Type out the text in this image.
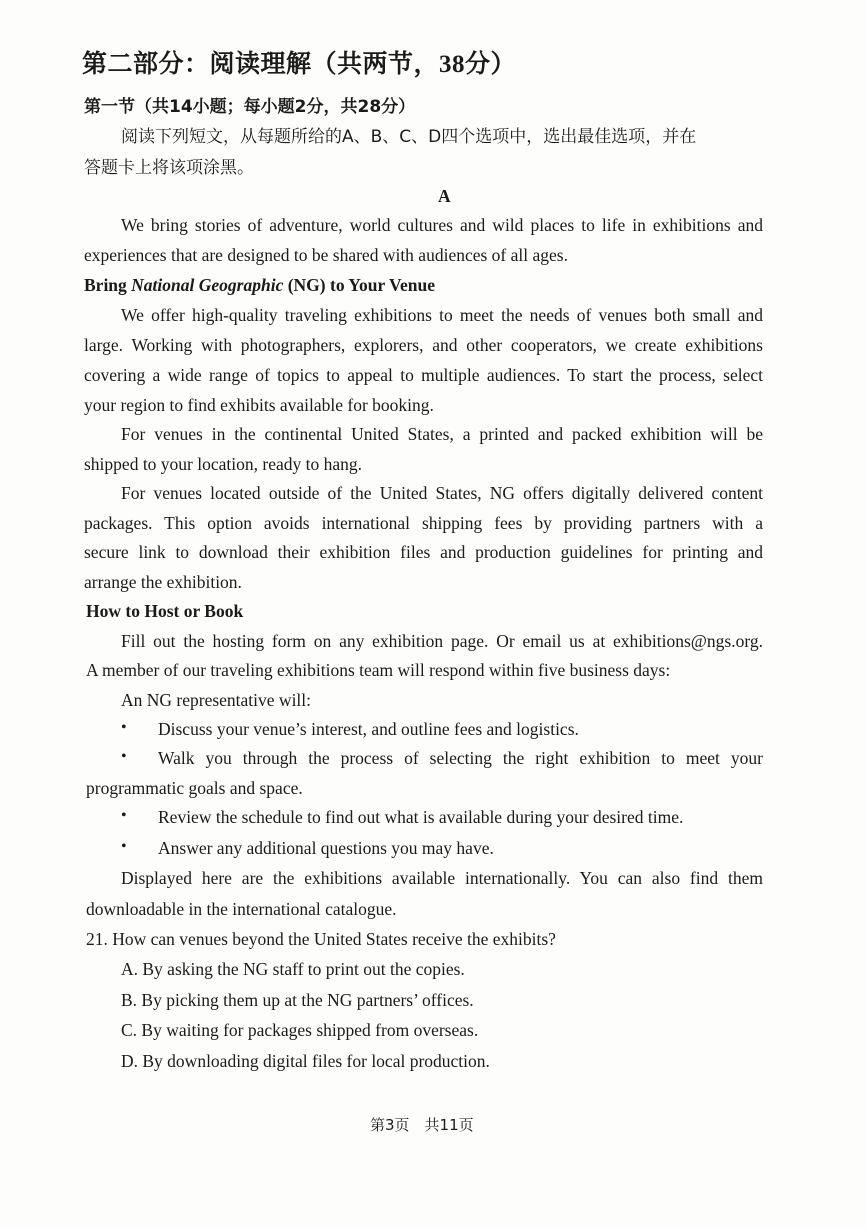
第二部分：阅读理解（共两节，38分）
第一节（共14小题；每小题2分，共28分）
阅读下列短文，从每题所给的A、B、C、D四个选项中，选出最佳选项，并在
答题卡上将该项涂黑。
A
We bring stories of adventure, world cultures and wild places to life in exhibitions and
experiences that are designed to be shared with audiences of all ages.
Bring National Geographic (NG) to Your Venue
We offer high-quality traveling exhibitions to meet the needs of venues both small and
large. Working with photographers, explorers, and other cooperators, we create exhibitions
covering a wide range of topics to appeal to multiple audiences. To start the process, select
your region to find exhibits available for booking.
For venues in the continental United States, a printed and packed exhibition will be
shipped to your location, ready to hang.
For venues located outside of the United States, NG offers digitally delivered content
packages. This option avoids international shipping fees by providing partners with a
secure link to download their exhibition files and production guidelines for printing and
arrange the exhibition.
How to Host or Book
Fill out the hosting form on any exhibition page. Or email us at exhibitions@ngs.org.
A member of our traveling exhibitions team will respond within five business days:
An NG representative will:
• Discuss your venue’s interest, and outline fees and logistics.
• Walk you through the process of selecting the right exhibition to meet your
programmatic goals and space.
• Review the schedule to find out what is available during your desired time.
• Answer any additional questions you may have.
Displayed here are the exhibitions available internationally. You can also find them
downloadable in the international catalogue.
21. How can venues beyond the United States receive the exhibits?
A. By asking the NG staff to print out the copies.
B. By picking them up at the NG partners’ offices.
C. By waiting for packages shipped from overseas.
D. By downloading digital files for local production.
第3页　共11页
